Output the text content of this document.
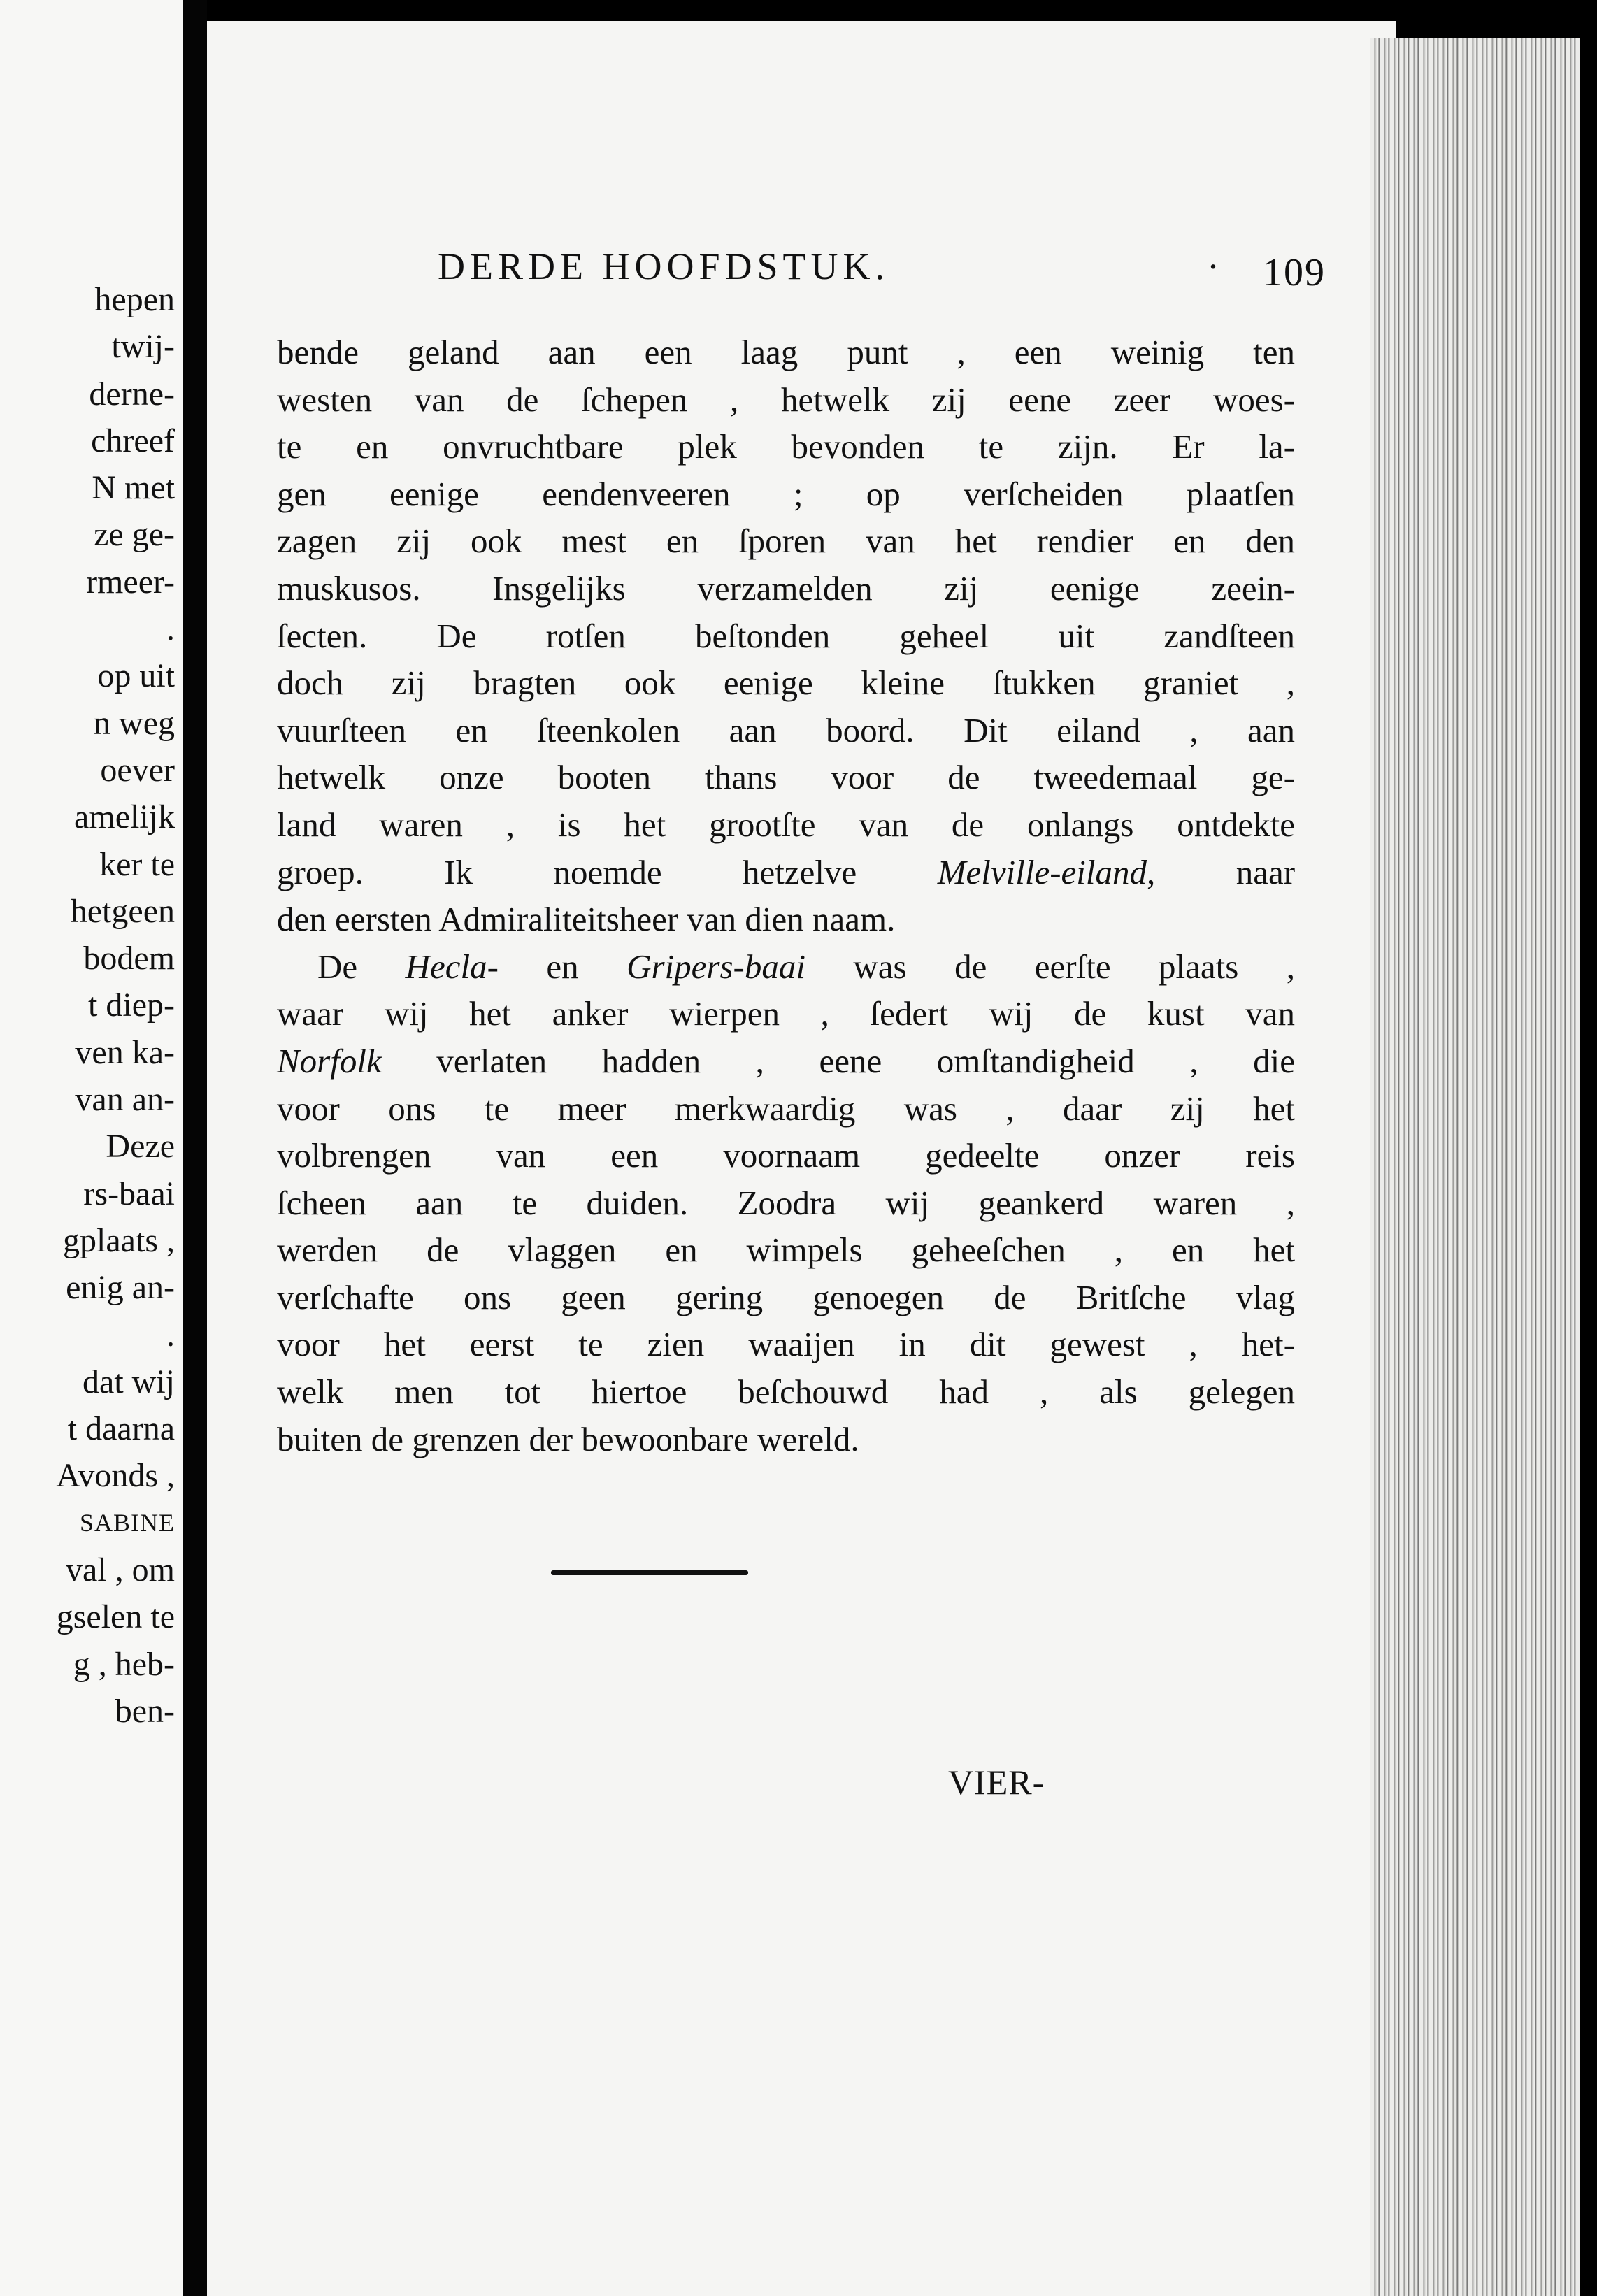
hepen
twij-
derne-
chreef
N met
ze ge-
rmeer-
.
op uit
n weg
oever
amelijk
ker te
hetgeen
bodem
t diep-
ven ka-
van an-
Deze
rs-baai
gplaats ,
enig an-
.
dat wij
t daarna
Avonds ,
SABINE
val , om
gselen te
g , heb-
ben-
DERDE HOOFDSTUK.	· 109

bende geland aan een laag punt , een weinig ten
westen van de ſchepen , hetwelk zij eene zeer woes-
te en onvruchtbare plek bevonden te zijn. Er la-
gen eenige eendenveeren ; op verſcheiden plaatſen
zagen zij ook mest en ſporen van het rendier en den
muskusos. Insgelijks verzamelden zij eenige zeein-
ſecten. De rotſen beſtonden geheel uit zandſteen
doch zij bragten ook eenige kleine ſtukken graniet ,
vuurſteen en ſteenkolen aan boord. Dit eiland , aan
hetwelk onze booten thans voor de tweedemaal ge-
land waren , is het grootſte van de onlangs ontdekte
groep. Ik noemde hetzelve Melville-eiland, naar
den eersten Admiraliteitsheer van dien naam.

De Hecla- en Gripers-baai was de eerſte plaats ,
waar wij het anker wierpen , ſedert wij de kust van
Norfolk verlaten hadden , eene omſtandigheid , die
voor ons te meer merkwaardig was , daar zij het
volbrengen van een voornaam gedeelte onzer reis
ſcheen aan te duiden. Zoodra wij geankerd waren ,
werden de vlaggen en wimpels geheeſchen , en het
verſchafte ons geen gering genoegen de Britſche vlag
voor het eerst te zien waaijen in dit gewest , het-
welk men tot hiertoe beſchouwd had , als gelegen
buiten de grenzen der bewoonbare wereld.

VIER-
